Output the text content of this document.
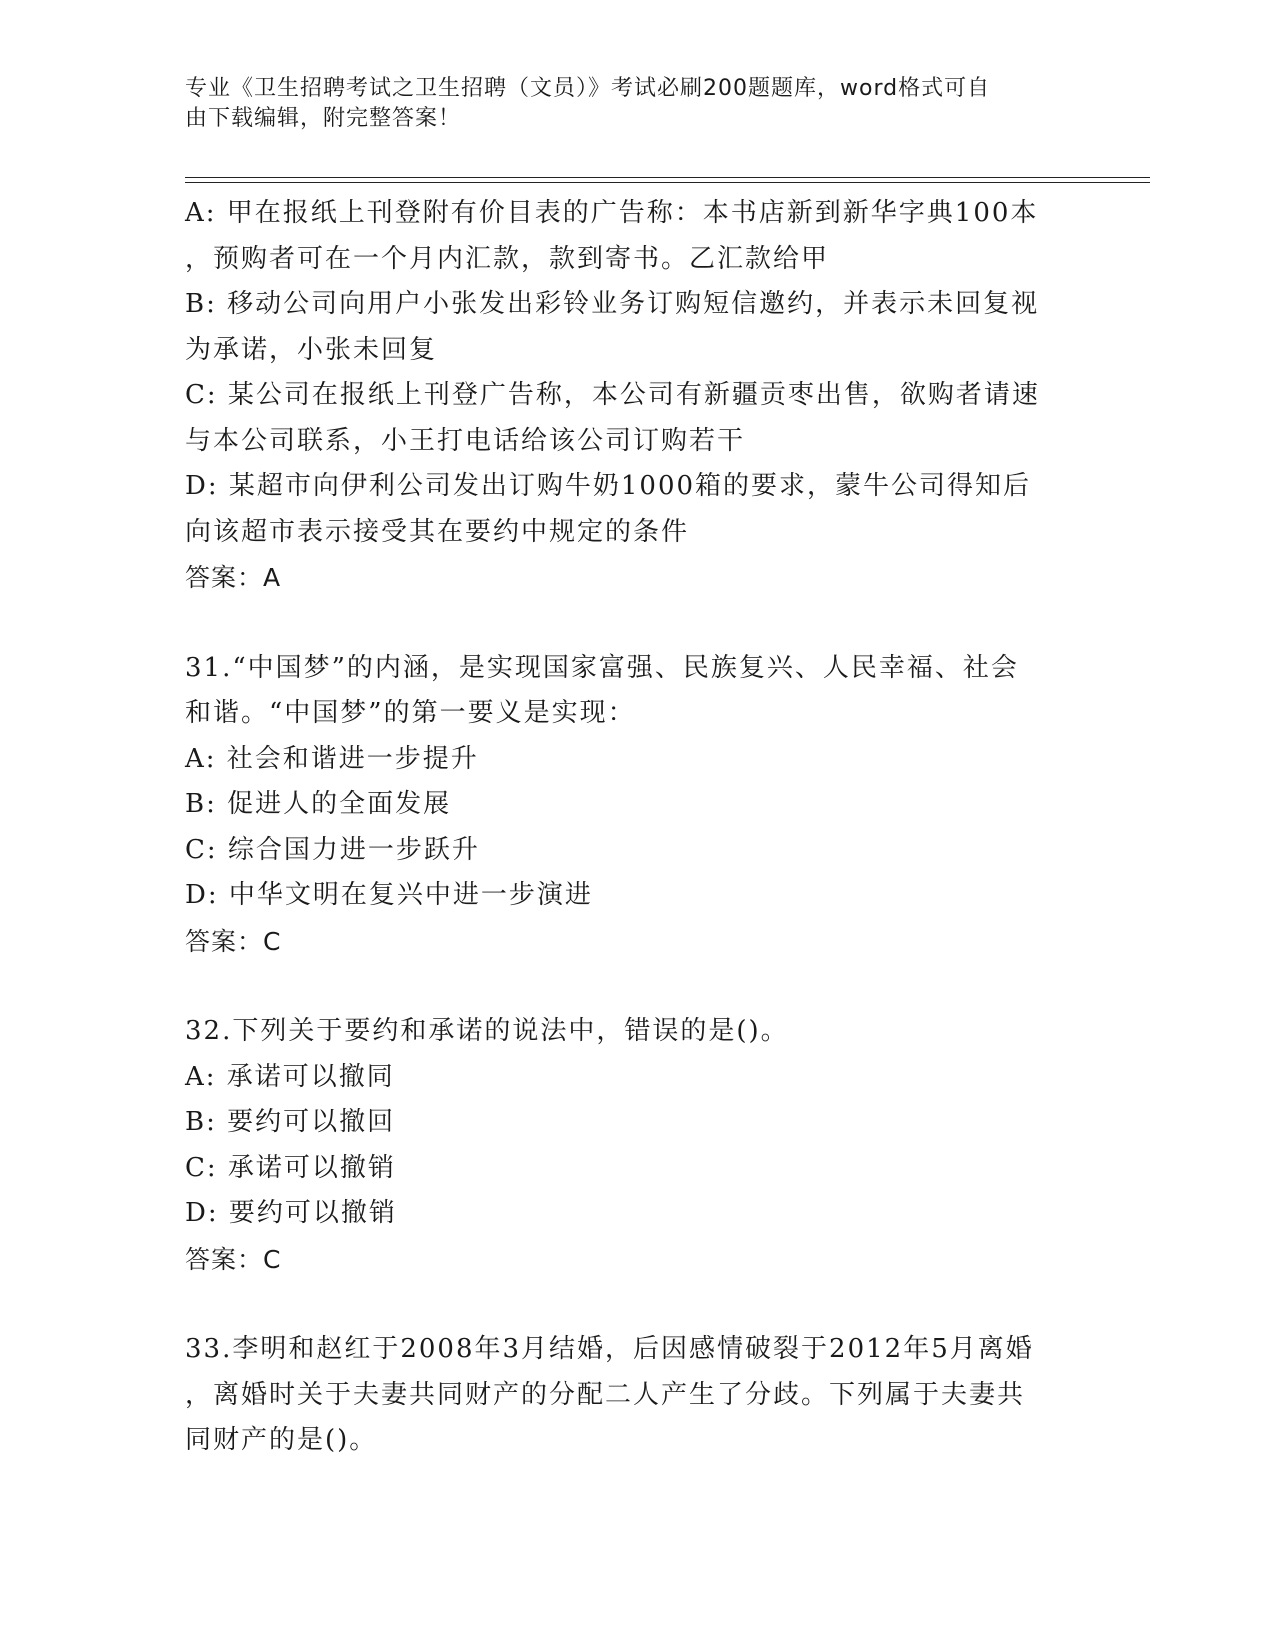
专业《卫生招聘考试之卫生招聘（文员）》考试必刷200题题库，word格式可自
由下载编辑，附完整答案！
A: 甲在报纸上刊登附有价目表的广告称：本书店新到新华字典100本
，预购者可在一个月内汇款，款到寄书。乙汇款给甲
B: 移动公司向用户小张发出彩铃业务订购短信邀约，并表示未回复视
为承诺，小张未回复
C: 某公司在报纸上刊登广告称，本公司有新疆贡枣出售，欲购者请速
与本公司联系，小王打电话给该公司订购若干
D: 某超市向伊利公司发出订购牛奶1000箱的要求，蒙牛公司得知后
向该超市表示接受其在要约中规定的条件
答案：A
31.“中国梦”的内涵，是实现国家富强、民族复兴、人民幸福、社会
和谐。“中国梦”的第一要义是实现：
A: 社会和谐进一步提升
B: 促进人的全面发展
C: 综合国力进一步跃升
D: 中华文明在复兴中进一步演进
答案：C
32.下列关于要约和承诺的说法中，错误的是()。
A: 承诺可以撤同
B: 要约可以撤回
C: 承诺可以撤销
D: 要约可以撤销
答案：C
33.李明和赵红于2008年3月结婚，后因感情破裂于2012年5月离婚
，离婚时关于夫妻共同财产的分配二人产生了分歧。下列属于夫妻共
同财产的是()。
